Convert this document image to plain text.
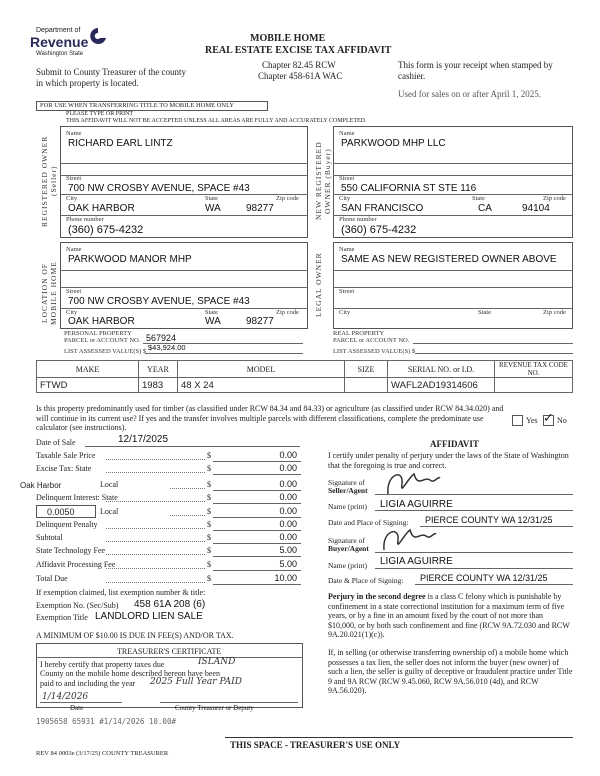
Department of
Revenue
Washington State
MOBILE HOME
REAL ESTATE EXCISE TAX AFFIDAVIT
Chapter 82.45 RCW
Chapter 458-61A WAC
Submit to County Treasurer of the county in which property is located.
This form is your receipt when stamped by cashier.
Used for sales on or after April 1, 2025.
FOR USE WHEN TRANSFERRING TITLE TO MOBILE HOME ONLY
PLEASE TYPE OR PRINT
THIS AFFIDAVIT WILL NOT BE ACCEPTED UNLESS ALL AREAS ARE FULLY AND ACCURATELY COMPLETED.
REGISTERED OWNER (Seller)
Name
RICHARD EARL LINTZ
Street
700 NW CROSBY AVENUE, SPACE #43
City	State	Zip code
OAK HARBOR	WA	98277
Phone number
(360) 675-4232
NEW REGISTERED OWNER (Buyer)
Name
PARKWOOD MHP LLC
Street
550 CALIFORNIA ST STE 116
City	State	Zip code
SAN FRANCISCO	CA	94104
Phone number
(360) 675-4232
LOCATION OF MOBILE HOME
Name
PARKWOOD MANOR MHP
Street
700 NW CROSBY AVENUE, SPACE #43
City	State	Zip code
OAK HARBOR	WA	98277
PERSONAL PROPERTY
PARCEL or ACCOUNT NO. 567924
LIST ASSESSED VALUE(S) $ $43,924.00
LEGAL OWNER
Name
SAME AS NEW REGISTERED OWNER ABOVE
Street
City	State	Zip code
REAL PROPERTY
PARCEL or ACCOUNT NO.
LIST ASSESSED VALUE(S) $
MAKE	YEAR	MODEL	SIZE	SERIAL NO. or I.D.	REVENUE TAX CODE NO.
FTWD	1983	48 X 24		WAFL2AD19314606	
Is this property predominantly used for timber (as classified under RCW 84.34 and 84.33) or agriculture (as classified under RCW 84.34.020) and will continue in its current use? If yes and the transfer involves multiple parcels with different classifications, complete the predominate use calculator (see instructions).
Yes ✓ No
Date of Sale	12/17/2025
Taxable Sale Price	$	0.00
Excise Tax: State	$	0.00
Local	$	0.00
Delinquent Interest: State	$	0.00
Local	$	0.00
Delinquent Penalty	$	0.00
Subtotal	$	0.00
State Technology Fee	$	5.00
Affidavit Processing Fee	$	5.00
Total Due	$	10.00
Oak Harbor
0.0050
If exemption claimed, list exemption number & title:
Exemption No. (Sec/Sub) 458 61A 208 (6)
Exemption Title LANDLORD LIEN SALE
A MINIMUM OF $10.00 IS DUE IN FEE(S) AND/OR TAX.
AFFIDAVIT
I certify under penalty of perjury under the laws of the State of Washington that the foregoing is true and correct.
Signature of
Seller/Agent
Name (print) LIGIA AGUIRRE
Date and Place of Signing: PIERCE COUNTY WA 12/31/25
Signature of
Buyer/Agent
Name (print) LIGIA AGUIRRE
Date & Place of Signing: PIERCE COUNTY WA 12/31/25
Perjury in the second degree is a class C felony which is punishable by confinement in a state correctional institution for a maximum term of five years, or by a fine in an amount fixed by the court of not more than $10,000, or by both such confinement and fine (RCW 9A.72.030 and RCW 9A.20.021(1)(c)).
If, in selling (or otherwise transferring ownership of) a mobile home which possesses a tax lien, the seller does not inform the buyer (new owner) of such a lien, the seller is guilty of deceptive or fraudulent practice under Title 9 and 9A RCW (RCW 9.45.060, RCW 9A.56.010 (4d), and RCW 9A.56.020).
TREASURER'S CERTIFICATE
I hereby certify that property taxes due	ISLAND
County on the mobile home described hereon have been paid to and including the year	2025 Full Year PAID
1/14/2026
Date	County Treasurer or Deputy
1905658 65931 #1/14/2026 10.00#
REV 84 0003e (3/17/25) COUNTY TREASURER
THIS SPACE - TREASURER'S USE ONLY
